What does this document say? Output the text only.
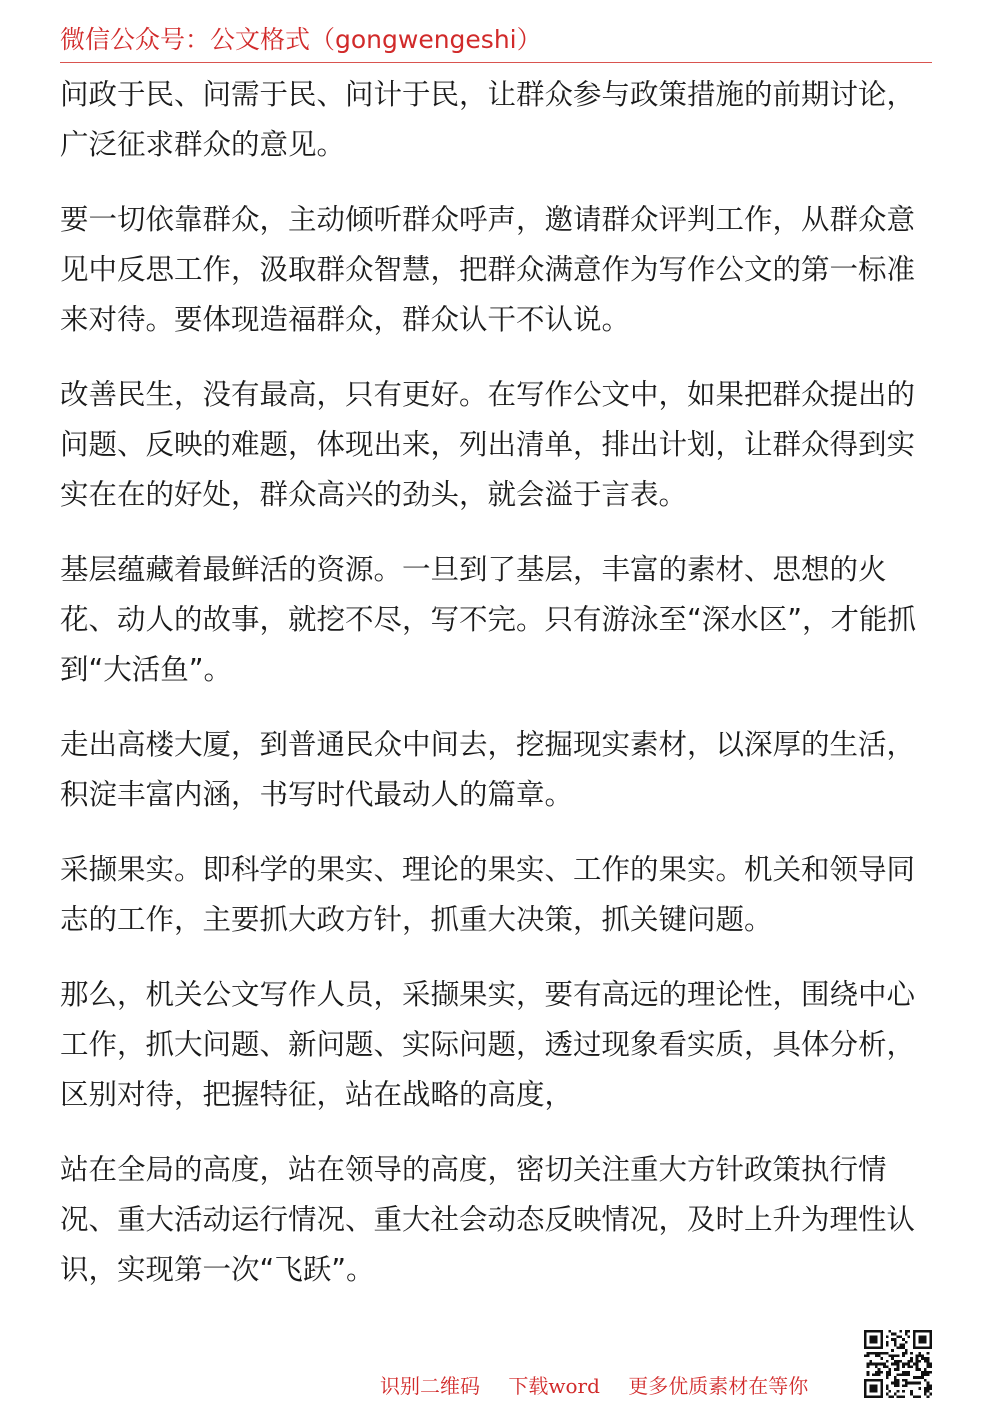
微信公众号：公文格式（gongwengeshi）

问政于民、问需于民、问计于民，让群众参与政策措施的前期讨论，广泛征求群众的意见。

要一切依靠群众，主动倾听群众呼声，邀请群众评判工作，从群众意见中反思工作，汲取群众智慧，把群众满意作为写作公文的第一标准来对待。要体现造福群众，群众认干不认说。

改善民生，没有最高，只有更好。在写作公文中，如果把群众提出的问题、反映的难题，体现出来，列出清单，排出计划，让群众得到实实在在的好处，群众高兴的劲头，就会溢于言表。

基层蕴藏着最鲜活的资源。一旦到了基层，丰富的素材、思想的火花、动人的故事，就挖不尽，写不完。只有游泳至“深水区”，才能抓到“大活鱼”。

走出高楼大厦，到普通民众中间去，挖掘现实素材，以深厚的生活，积淀丰富内涵，书写时代最动人的篇章。

采撷果实。即科学的果实、理论的果实、工作的果实。机关和领导同志的工作，主要抓大政方针，抓重大决策，抓关键问题。

那么，机关公文写作人员，采撷果实，要有高远的理论性，围绕中心工作，抓大问题、新问题、实际问题，透过现象看实质，具体分析，区别对待，把握特征，站在战略的高度，

站在全局的高度，站在领导的高度，密切关注重大方针政策执行情况、重大活动运行情况、重大社会动态反映情况，及时上升为理性认识，实现第一次“飞跃”。

识别二维码 下载word 更多优质素材在等你
